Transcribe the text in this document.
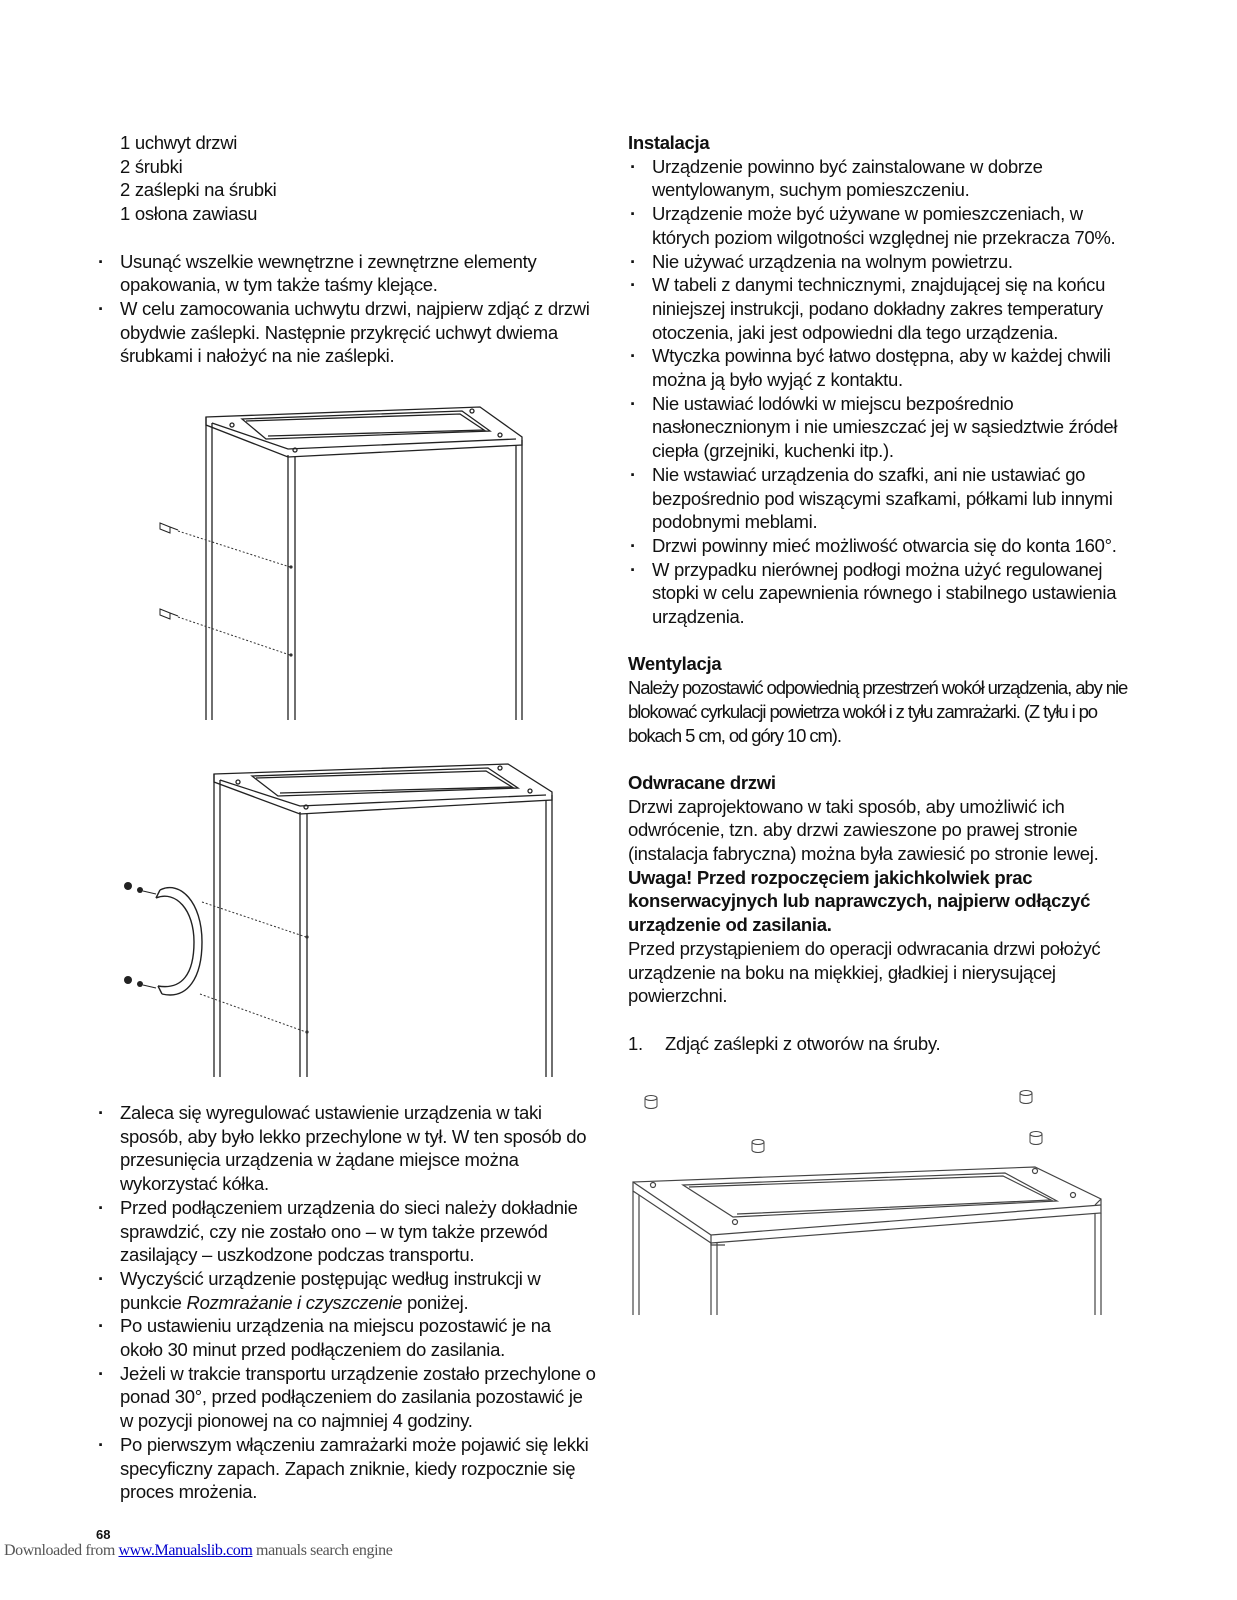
1 uchwyt drzwi
2 śrubki
2 zaślepki na śrubki
1 osłona zawiasu
· Usunąć wszelkie wewnętrzne i zewnętrzne elementy opakowania, w tym także taśmy klejące.
· W celu zamocowania uchwytu drzwi, najpierw zdjąć z drzwi obydwie zaślepki. Następnie przykręcić uchwyt dwiema śrubkami i nałożyć na nie zaślepki.
· Zaleca się wyregulować ustawienie urządzenia w taki sposób, aby było lekko przechylone w tył. W ten sposób do przesunięcia urządzenia w żądane miejsce można wykorzystać kółka.
· Przed podłączeniem urządzenia do sieci należy dokładnie sprawdzić, czy nie zostało ono – w tym także przewód zasilający – uszkodzone podczas transportu.
· Wyczyścić urządzenie postępując według instrukcji w punkcie Rozmrażanie i czyszczenie poniżej.
· Po ustawieniu urządzenia na miejscu pozostawić je na około 30 minut przed podłączeniem do zasilania.
· Jeżeli w trakcie transportu urządzenie zostało przechylone o ponad 30°, przed podłączeniem do zasilania pozostawić je w pozycji pionowej na co najmniej 4 godziny.
· Po pierwszym włączeniu zamrażarki może pojawić się lekki specyficzny zapach. Zapach zniknie, kiedy rozpocznie się proces mrożenia.

Instalacja

· Urządzenie powinno być zainstalowane w dobrze wentylowanym, suchym pomieszczeniu.
· Urządzenie może być używane w pomieszczeniach, w których poziom wilgotności względnej nie przekracza 70%.
· Nie używać urządzenia na wolnym powietrzu.
· W tabeli z danymi technicznymi, znajdującej się na końcu niniejszej instrukcji, podano dokładny zakres temperatury otoczenia, jaki jest odpowiedni dla tego urządzenia.
· Wtyczka powinna być łatwo dostępna, aby w każdej chwili można ją było wyjąć z kontaktu.
· Nie ustawiać lodówki w miejscu bezpośrednio nasłonecznionym i nie umieszczać jej w sąsiedztwie źródeł ciepła (grzejniki, kuchenki itp.).
· Nie wstawiać urządzenia do szafki, ani nie ustawiać go bezpośrednio pod wiszącymi szafkami, półkami lub innymi podobnymi meblami.
· Drzwi powinny mieć możliwość otwarcia się do konta 160°.
· W przypadku nierównej podłogi można użyć regulowanej stopki w celu zapewnienia równego i stabilnego ustawienia urządzenia.

Wentylacja

Należy pozostawić odpowiednią przestrzeń wokół urządzenia, aby nie blokować cyrkulacji powietrza wokół i z tyłu zamrażarki. (Z tyłu i po bokach 5 cm, od góry 10 cm).

Odwracane drzwi

Drzwi zaprojektowano w taki sposób, aby umożliwić ich odwrócenie, tzn. aby drzwi zawieszone po prawej stronie (instalacja fabryczna) można była zawiesić po stronie lewej.

Uwaga! Przed rozpoczęciem jakichkolwiek prac konserwacyjnych lub naprawczych, najpierw odłączyć urządzenie od zasilania.

Przed przystąpieniem do operacji odwracania drzwi położyć urządzenie na boku na miękkiej, gładkiej i nierysującej powierzchni.

1.	Zdjąć zaślepki z otworów na śruby.
68
Downloaded from www.Manualslib.com manuals search engine
